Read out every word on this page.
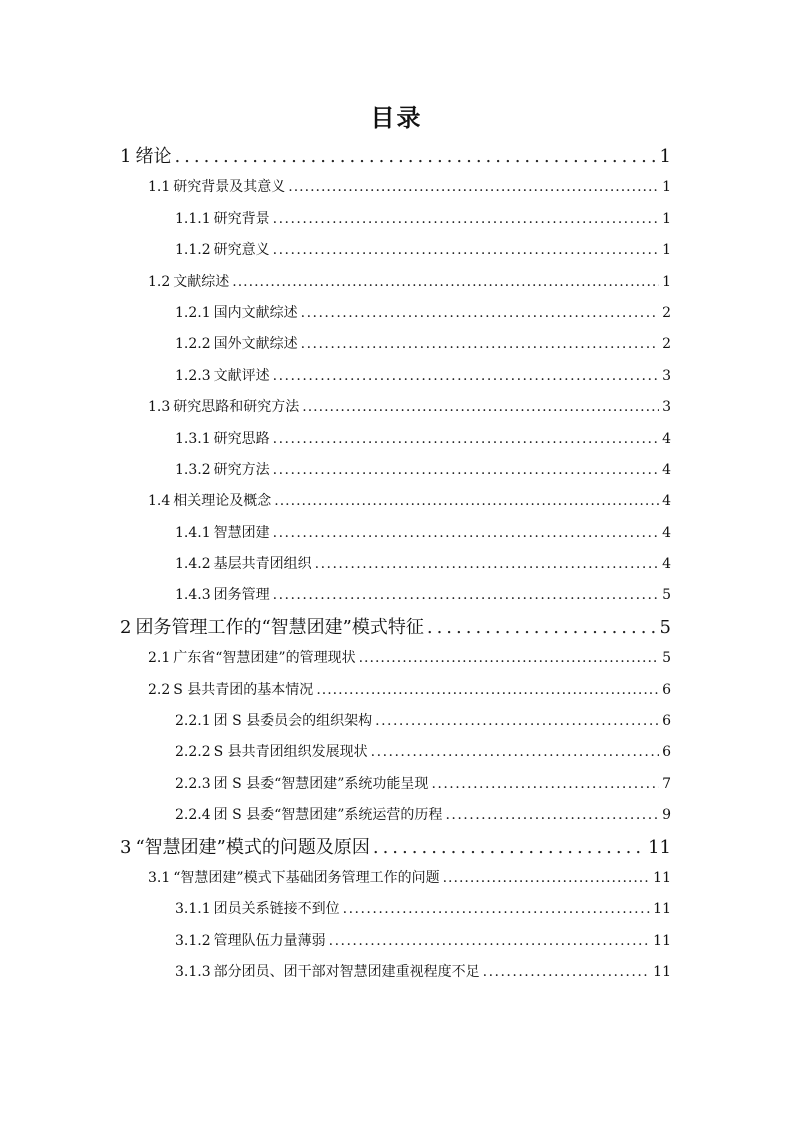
目录
1 绪论 .....	1
1.1 研究背景及其意义 .....	1
1.1.1 研究背景 .....	1
1.1.2 研究意义 .....	1
1.2 文献综述 .....	1
1.2.1 国内文献综述 .....	2
1.2.2 国外文献综述 .....	2
1.2.3 文献评述 .....	3
1.3 研究思路和研究方法 .....	3
1.3.1 研究思路 .....	4
1.3.2 研究方法 .....	4
1.4 相关理论及概念 .....	4
1.4.1 智慧团建 .....	4
1.4.2 基层共青团组织 .....	4
1.4.3 团务管理 .....	5
2 团务管理工作的“智慧团建”模式特征 .....	5
2.1 广东省“智慧团建”的管理现状 .....	5
2.2 S 县共青团的基本情况 .....	6
2.2.1 团 S 县委员会的组织架构 .....	6
2.2.2 S 县共青团组织发展现状 .....	6
2.2.3 团 S 县委“智慧团建”系统功能呈现 .....	7
2.2.4 团 S 县委“智慧团建”系统运营的历程 .....	9
3 “智慧团建”模式的问题及原因 .....	11
3.1 “智慧团建”模式下基础团务管理工作的问题 .....	11
3.1.1 团员关系链接不到位 .....	11
3.1.2 管理队伍力量薄弱 .....	11
3.1.3 部分团员、团干部对智慧团建重视程度不足 .....	11
